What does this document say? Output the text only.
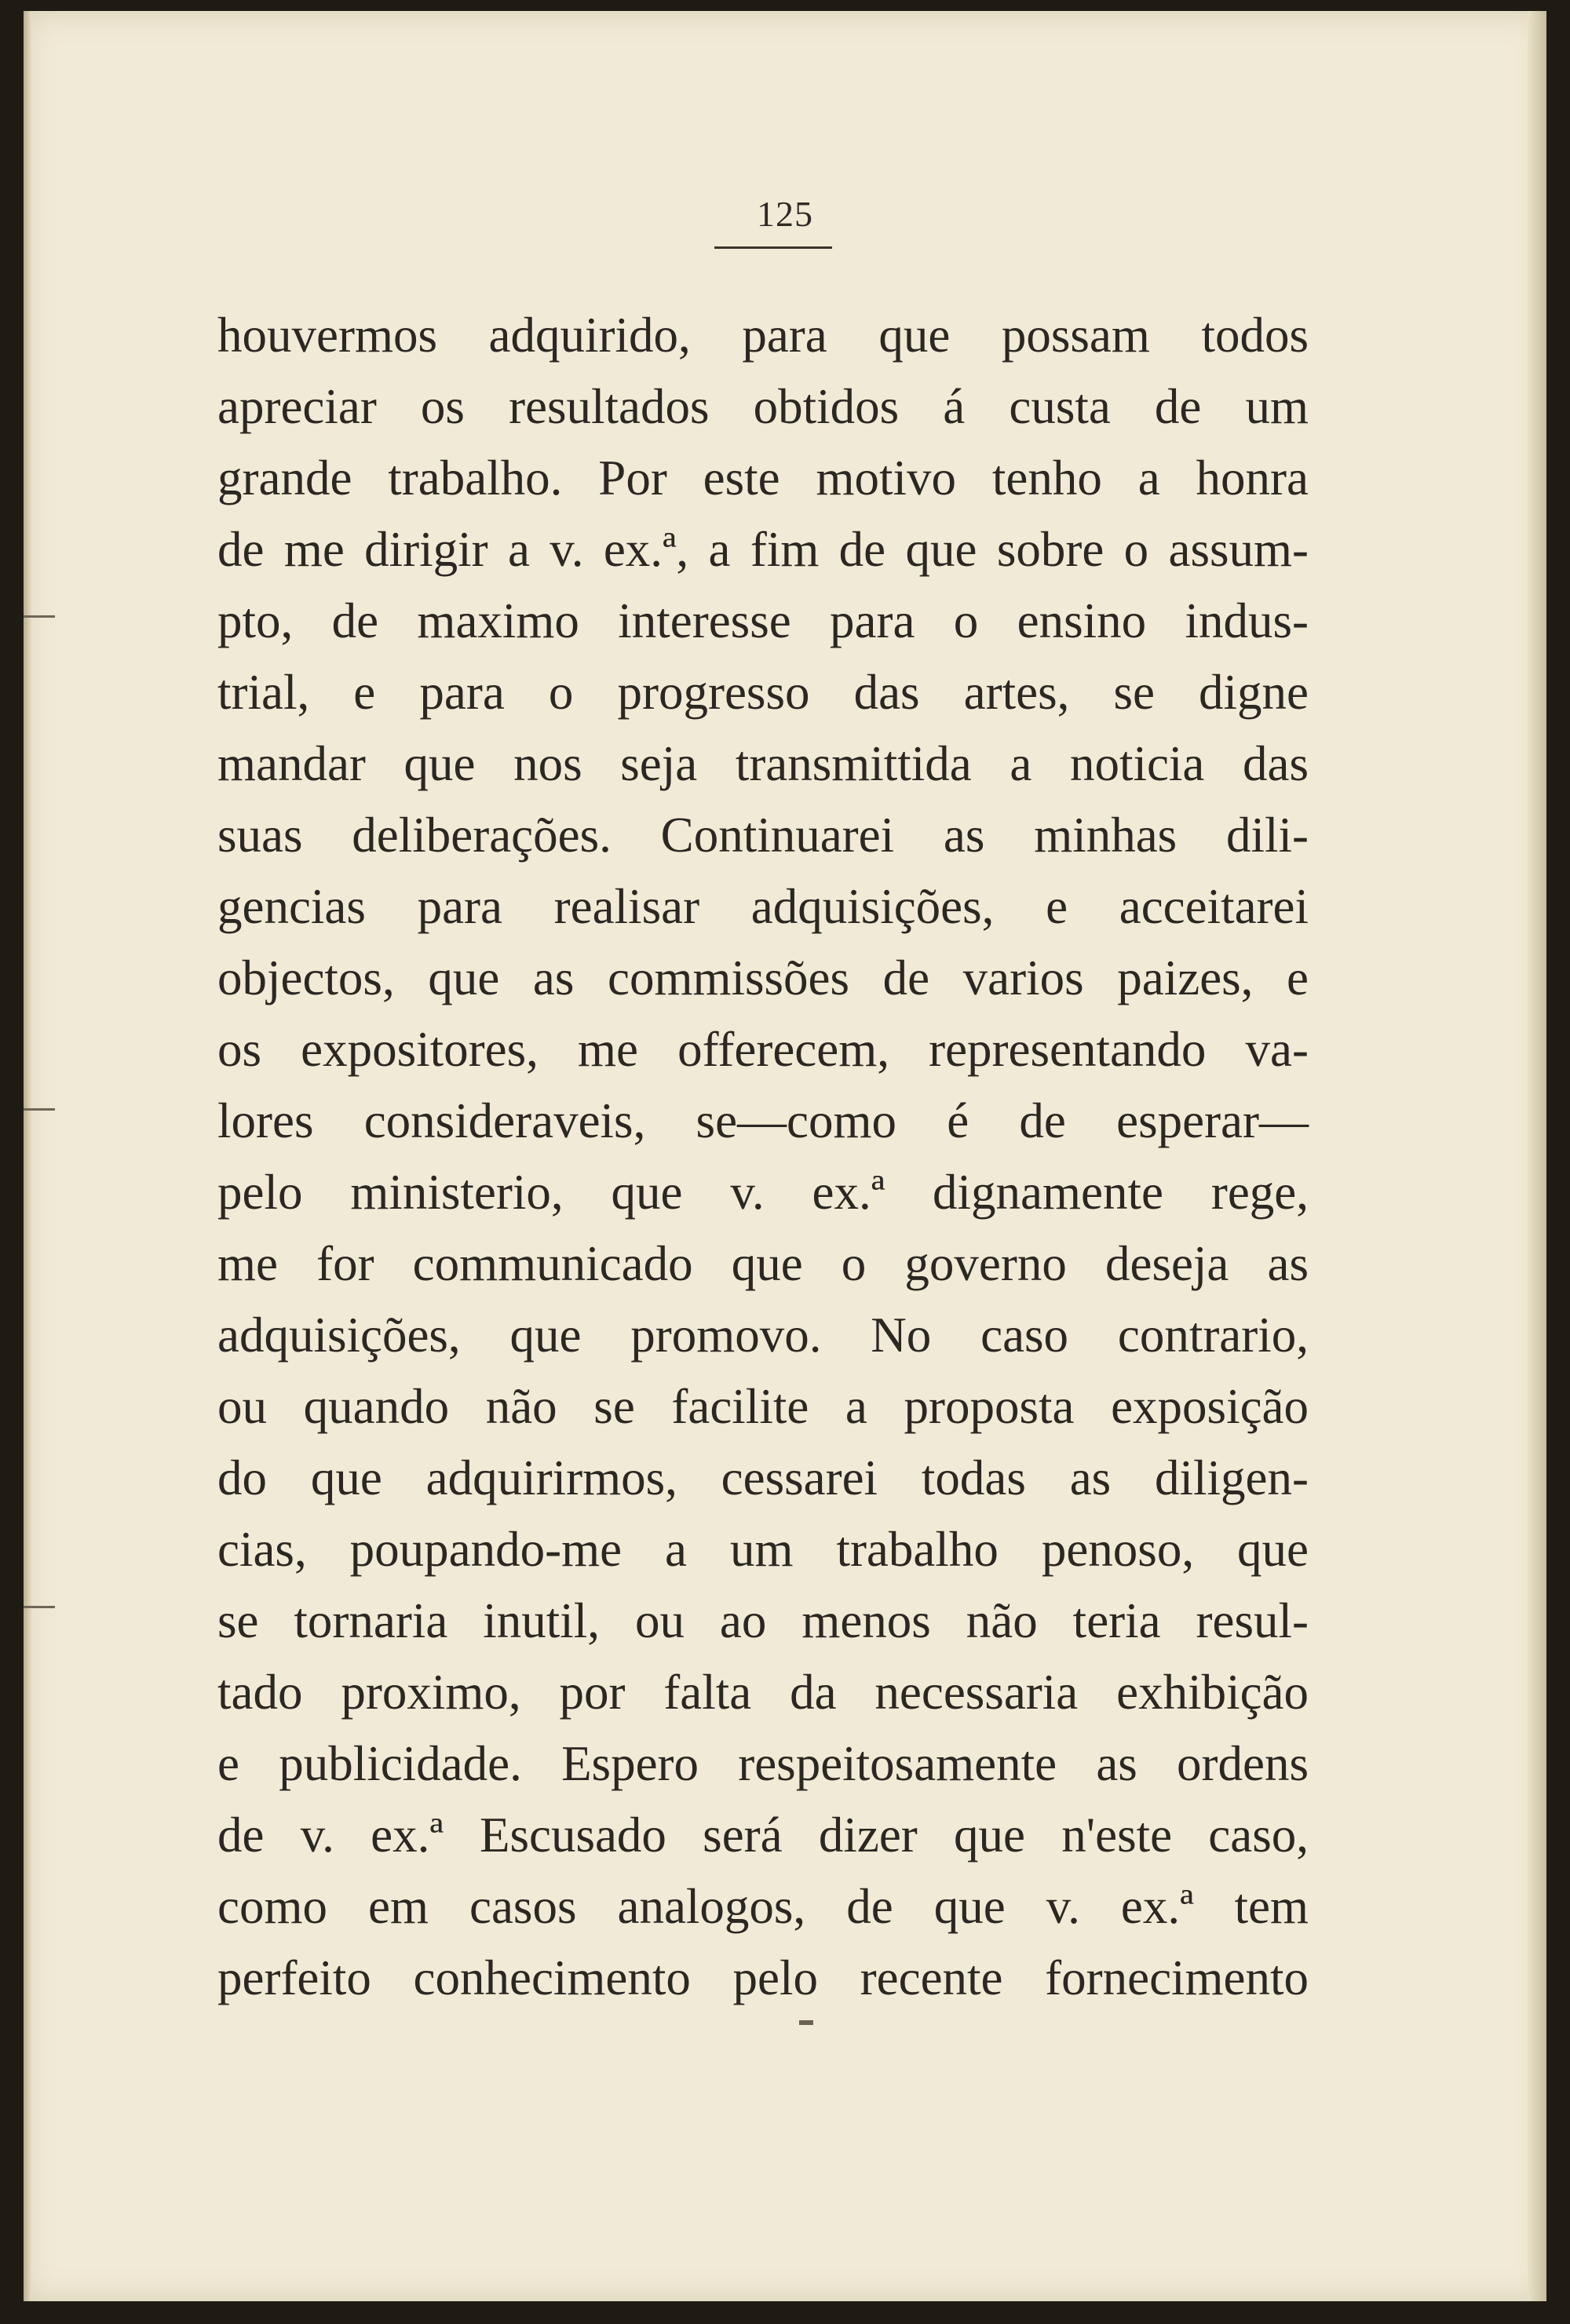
125
houvermos adquirido, para que possam todos
apreciar os resultados obtidos á custa de um
grande trabalho. Por este motivo tenho a honra
de me dirigir a v. ex.ª, a fim de que sobre o assum-
pto, de maximo interesse para o ensino indus-
trial, e para o progresso das artes, se digne
mandar que nos seja transmittida a noticia das
suas deliberações. Continuarei as minhas dili-
gencias para realisar adquisições, e acceitarei
objectos, que as commissões de varios paizes, e
os expositores, me offerecem, representando va-
lores consideraveis, se—como é de esperar—
pelo ministerio, que v. ex.ª dignamente rege,
me for communicado que o governo deseja as
adquisições, que promovo. No caso contrario,
ou quando não se facilite a proposta exposição
do que adquirirmos, cessarei todas as diligen-
cias, poupando-me a um trabalho penoso, que
se tornaria inutil, ou ao menos não teria resul-
tado proximo, por falta da necessaria exhibição
e publicidade. Espero respeitosamente as ordens
de v. ex.ª Escusado será dizer que n'este caso,
como em casos analogos, de que v. ex.ª tem
perfeito conhecimento pelo recente fornecimento
